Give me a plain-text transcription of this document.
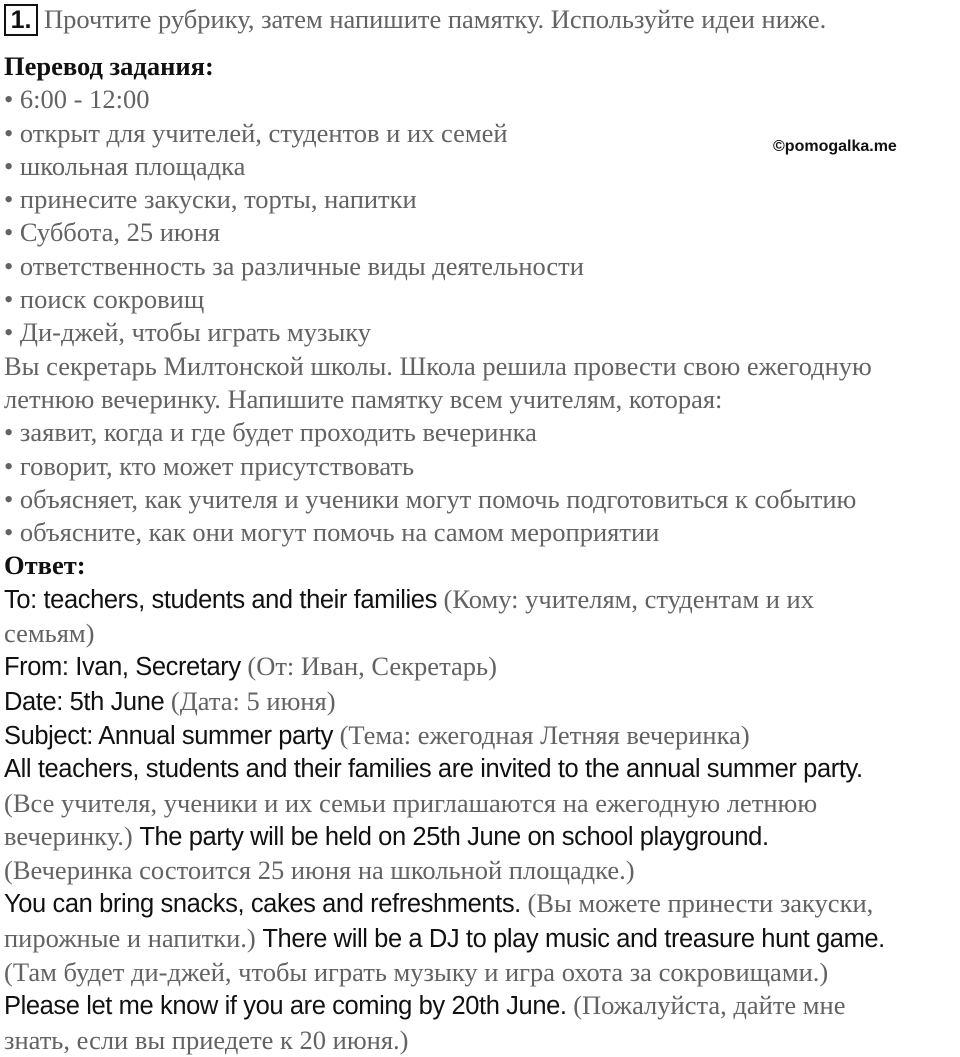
1. Прочтите рубрику, затем напишите памятку. Используйте идеи ниже.
©pomogalka.me
Перевод задания:
• 6:00 - 12:00
• открыт для учителей, студентов и их семей
• школьная площадка
• принесите закуски, торты, напитки
• Суббота, 25 июня
• ответственность за различные виды деятельности
• поиск сокровищ
• Ди-джей, чтобы играть музыку
Вы секретарь Милтонской школы. Школа решила провести свою ежегодную
летнюю вечеринку. Напишите памятку всем учителям, которая:
• заявит, когда и где будет проходить вечеринка
• говорит, кто может присутствовать
• объясняет, как учителя и ученики могут помочь подготовиться к событию
• объясните, как они могут помочь на самом мероприятии
Ответ:
To: teachers, students and their families (Кому: учителям, студентам и их
семьям)
From: Ivan, Secretary (От: Иван, Секретарь)
Date: 5th June (Дата: 5 июня)
Subject: Annual summer party (Тема: ежегодная Летняя вечеринка)
All teachers, students and their families are invited to the annual summer party.
(Все учителя, ученики и их семьи приглашаются на ежегодную летнюю
вечеринку.) The party will be held on 25th June on school playground.
(Вечеринка состоится 25 июня на школьной площадке.)
You can bring snacks, cakes and refreshments. (Вы можете принести закуски,
пирожные и напитки.) There will be a DJ to play music and treasure hunt game.
(Там будет ди-джей, чтобы играть музыку и игра охота за сокровищами.)
Please let me know if you are coming by 20th June. (Пожалуйста, дайте мне
знать, если вы приедете к 20 июня.)
